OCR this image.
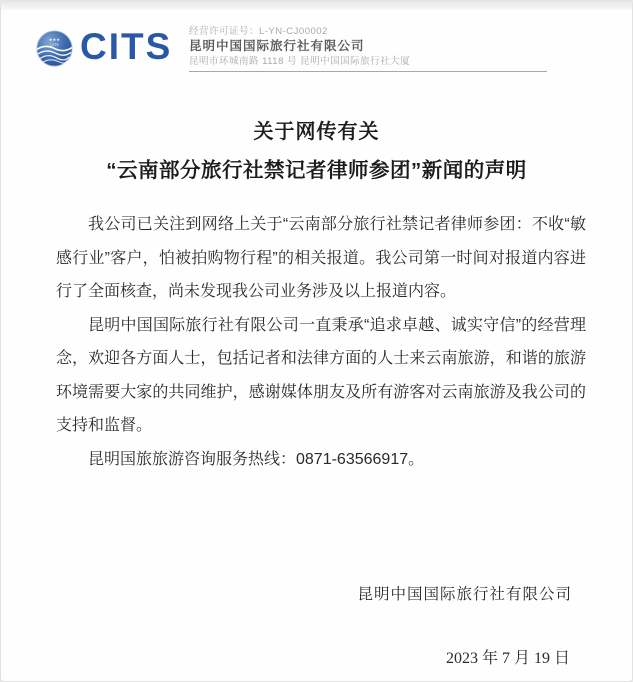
★★★
CITS CITS 经营许可证号：L-YN-CJ00002
昆明中国国际旅行社有限公司
昆明市环城南路 1118 号 昆明中国国际旅行社大厦
关于网传有关
“云南部分旅行社禁记者律师参团”新闻的声明

我公司已关注到网络上关于“云南部分旅行社禁记者律师参团：不收“敏感行业”客户，怕被拍购物行程”的相关报道。我公司第一时间对报道内容进行了全面核查，尚未发现我公司业务涉及以上报道内容。

昆明中国国际旅行社有限公司一直秉承“追求卓越、诚实守信”的经营理念，欢迎各方面人士，包括记者和法律方面的人士来云南旅游，和谐的旅游环境需要大家的共同维护，感谢媒体朋友及所有游客对云南旅游及我公司的支持和监督。

昆明国旅旅游咨询服务热线：0871-63566917。

昆明中国国际旅行社有限公司
2023 年 7 月 19 日
